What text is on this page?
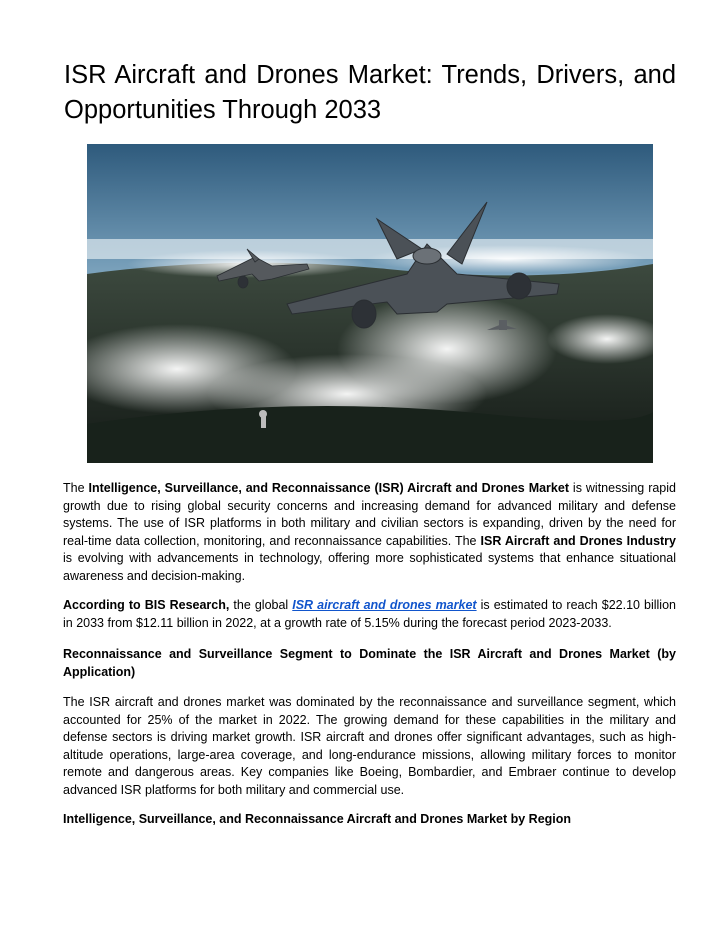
ISR Aircraft and Drones Market: Trends, Drivers, and Opportunities Through 2033

The Intelligence, Surveillance, and Reconnaissance (ISR) Aircraft and Drones Market is witnessing rapid growth due to rising global security concerns and increasing demand for advanced military and defense systems. The use of ISR platforms in both military and civilian sectors is expanding, driven by the need for real-time data collection, monitoring, and reconnaissance capabilities. The ISR Aircraft and Drones Industry is evolving with advancements in technology, offering more sophisticated systems that enhance situational awareness and decision-making.

According to BIS Research, the global ISR aircraft and drones market is estimated to reach $22.10 billion in 2033 from $12.11 billion in 2022, at a growth rate of 5.15% during the forecast period 2023-2033.

Reconnaissance and Surveillance Segment to Dominate the ISR Aircraft and Drones Market (by Application)

The ISR aircraft and drones market was dominated by the reconnaissance and surveillance segment, which accounted for 25% of the market in 2022. The growing demand for these capabilities in the military and defense sectors is driving market growth. ISR aircraft and drones offer significant advantages, such as high-altitude operations, large-area coverage, and long-endurance missions, allowing military forces to monitor remote and dangerous areas. Key companies like Boeing, Bombardier, and Embraer continue to develop advanced ISR platforms for both military and commercial use.

Intelligence, Surveillance, and Reconnaissance Aircraft and Drones Market by Region
